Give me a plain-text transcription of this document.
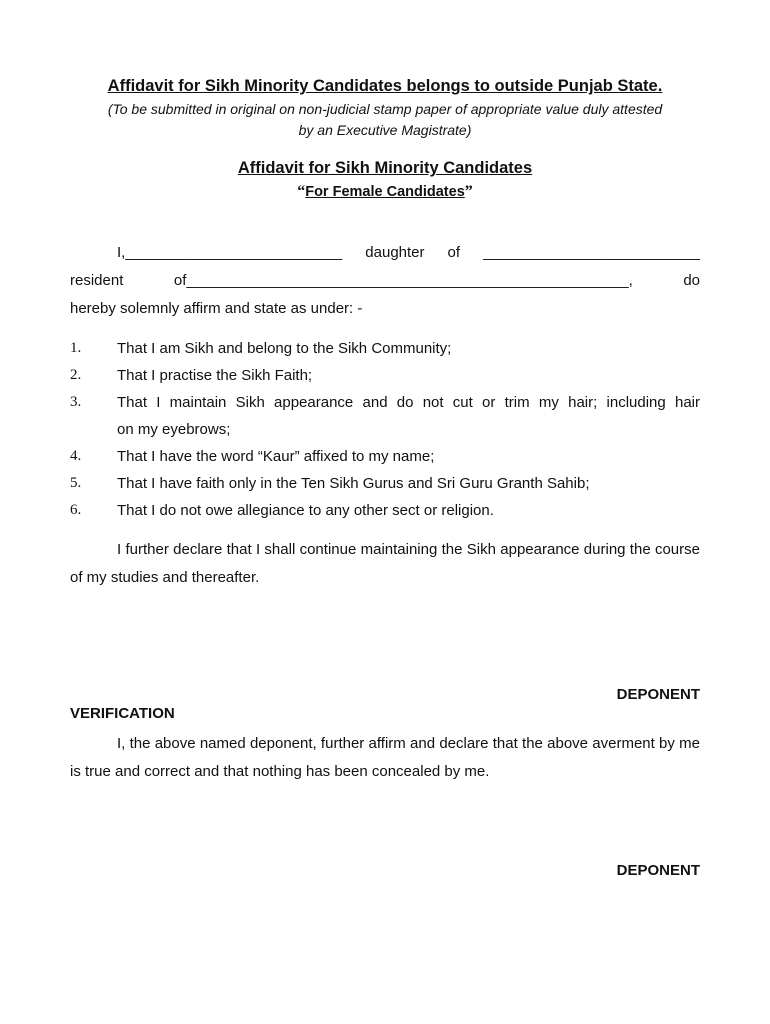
Affidavit for Sikh Minority Candidates belongs to outside Punjab State.
(To be submitted in original on non-judicial stamp paper of appropriate value duly attested
by an Executive Magistrate)
Affidavit for Sikh Minority Candidates
“For Female Candidates”
I,__________________________ daughter of __________________________
resident of_____________________________________________________,	do
hereby solemnly affirm and state as under: -
1. That I am Sikh and belong to the Sikh Community;
2. That I practise the Sikh Faith;
3. That I maintain Sikh appearance and do not cut or trim my hair; including hair
on my eyebrows;
4. That I have the word “Kaur” affixed to my name;
5. That I have faith only in the Ten Sikh Gurus and Sri Guru Granth Sahib;
6. That I do not owe allegiance to any other sect or religion.
I further declare that I shall continue maintaining the Sikh appearance during the course of my studies and thereafter.
DEPONENT
VERIFICATION
I, the above named deponent, further affirm and declare that the above averment by me is true and correct and that nothing has been concealed by me.
DEPONENT
